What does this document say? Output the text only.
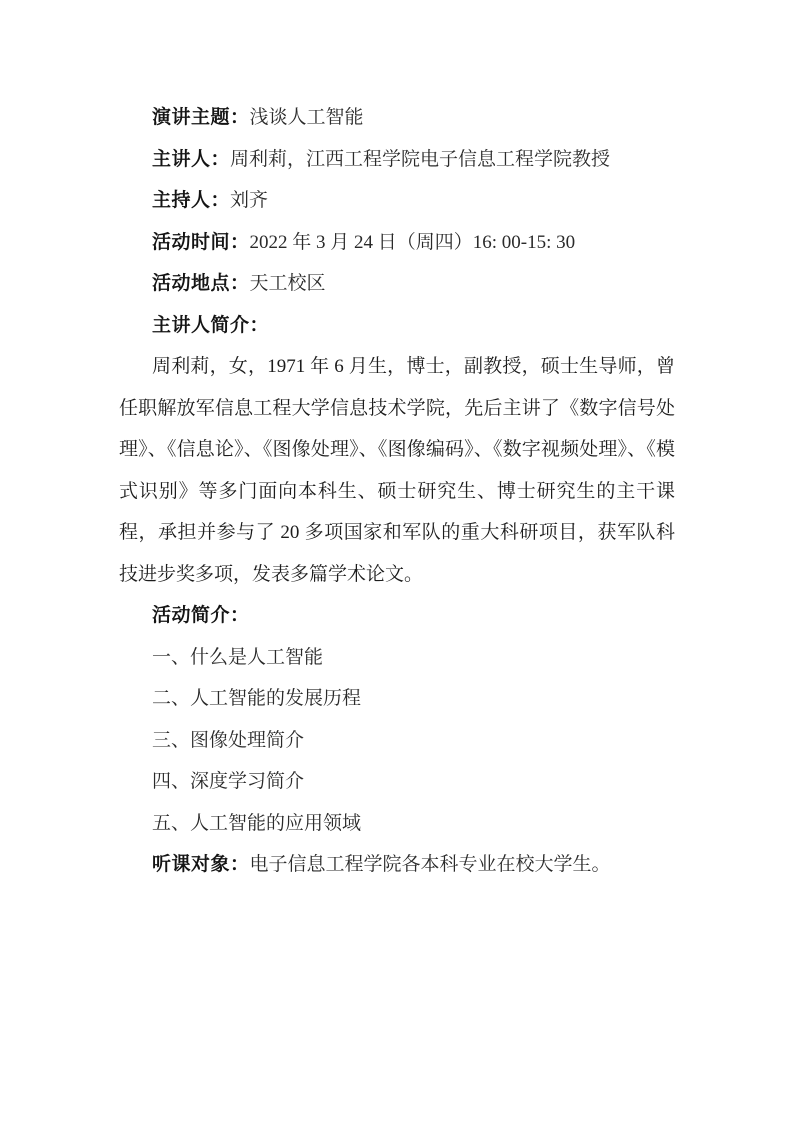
演讲主题：浅谈人工智能

主讲人：周利莉，江西工程学院电子信息工程学院教授

主持人：刘齐

活动时间：2022 年 3 月 24 日（周四）16: 00-15: 30

活动地点：天工校区

主讲人简介：

周利莉，女，1971 年 6 月生，博士，副教授，硕士生导师，曾任职解放军信息工程大学信息技术学院，先后主讲了《数字信号处理》、《信息论》、《图像处理》、《图像编码》、《数字视频处理》、《模式识别》等多门面向本科生、硕士研究生、博士研究生的主干课程，承担并参与了 20 多项国家和军队的重大科研项目，获军队科技进步奖多项，发表多篇学术论文。

活动简介：

一、什么是人工智能

二、人工智能的发展历程

三、图像处理简介

四、深度学习简介

五、人工智能的应用领域

听课对象：电子信息工程学院各本科专业在校大学生。
